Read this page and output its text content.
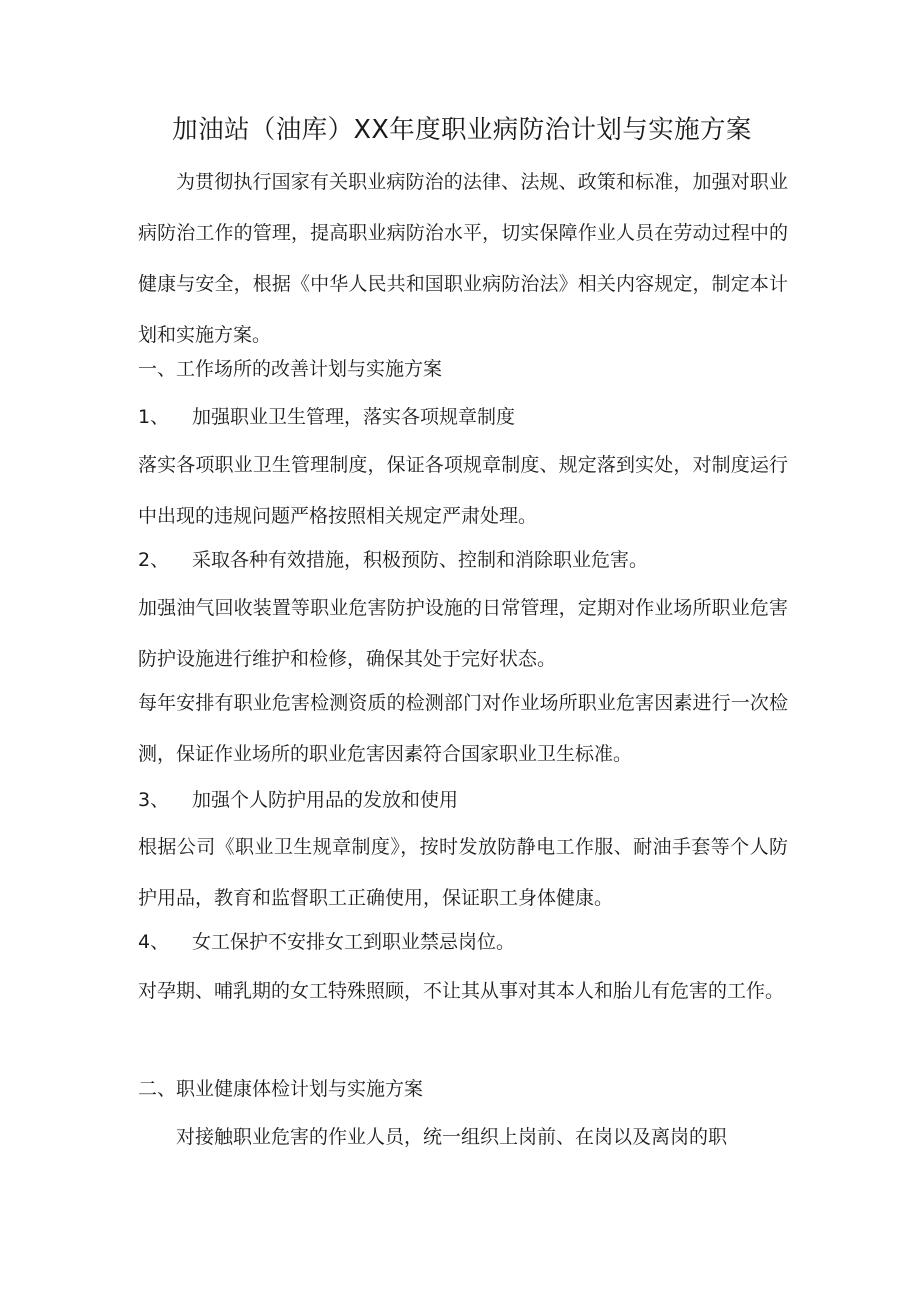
加油站（油库）XX年度职业病防治计划与实施方案
为贯彻执行国家有关职业病防治的法律、法规、政策和标准，加强对职业病防治工作的管理，提高职业病防治水平，切实保障作业人员在劳动过程中的健康与安全，根据《中华人民共和国职业病防治法》相关内容规定，制定本计划和实施方案。
一、工作场所的改善计划与实施方案
1、 加强职业卫生管理，落实各项规章制度
落实各项职业卫生管理制度，保证各项规章制度、规定落到实处，对制度运行中出现的违规问题严格按照相关规定严肃处理。
2、 采取各种有效措施，积极预防、控制和消除职业危害。
加强油气回收装置等职业危害防护设施的日常管理，定期对作业场所职业危害防护设施进行维护和检修，确保其处于完好状态。
每年安排有职业危害检测资质的检测部门对作业场所职业危害因素进行一次检测，保证作业场所的职业危害因素符合国家职业卫生标准。
3、 加强个人防护用品的发放和使用
根据公司《职业卫生规章制度》，按时发放防静电工作服、耐油手套等个人防护用品，教育和监督职工正确使用，保证职工身体健康。
4、 女工保护不安排女工到职业禁忌岗位。
对孕期、哺乳期的女工特殊照顾，不让其从事对其本人和胎儿有危害的工作。
二、职业健康体检计划与实施方案
对接触职业危害的作业人员，统一组织上岗前、在岗以及离岗的职
